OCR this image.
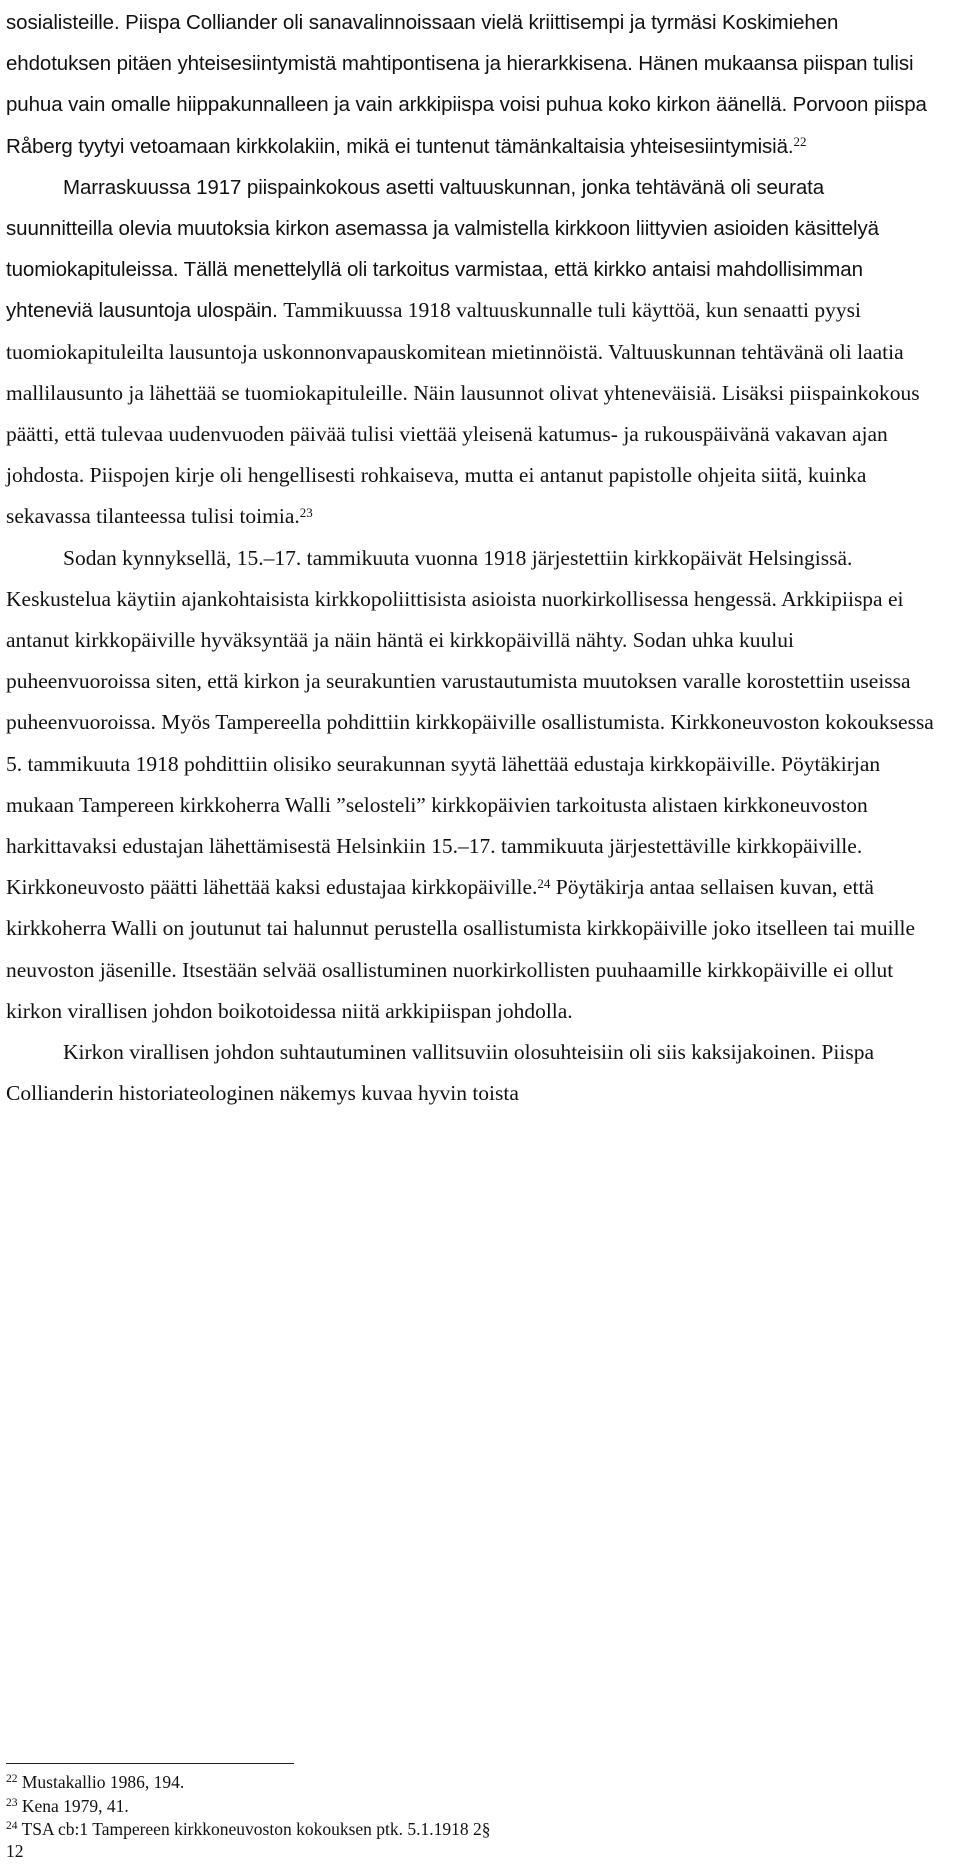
sosialisteille. Piispa Colliander oli sanavalinnoissaan vielä kriittisempi ja tyrmäsi Koskimiehen ehdotuksen pitäen yhteisesiintymistä mahtipontisena ja hierarkkisena. Hänen mukaansa piispan tulisi puhua vain omalle hiippakunnalleen ja vain arkkipiispa voisi puhua koko kirkon äänellä. Porvoon piispa Råberg tyytyi vetoamaan kirkkolakiin, mikä ei tuntenut tämänkaltaisia yhteisesiintymisiä.$^{22}$

Marraskuussa 1917 piispainkokous asetti valtuuskunnan, jonka tehtävänä oli seurata suunnitteilla olevia muutoksia kirkon asemassa ja valmistella kirkkoon liittyvien asioiden käsittelyä tuomiokapituleissa. Tällä menettelyllä oli tarkoitus varmistaa, että kirkko antaisi mahdollisimman yhteneviä lausuntoja ulospäin. Tammikuussa 1918 valtuuskunnalle tuli käyttöä, kun senaatti pyysi tuomiokapituleilta lausuntoja uskonnonvapauskomitean mietinnöistä. Valtuuskunnan tehtävänä oli laatia mallilausunto ja lähettää se tuomiokapituleille. Näin lausunnot olivat yhteneväisiä. Lisäksi piispainkokous päätti, että tulevaa uudenvuoden päivää tulisi viettää yleisenä katumus- ja rukouspäivänä vakavan ajan johdosta. Piispojen kirje oli hengellisesti rohkaiseva, mutta ei antanut papistolle ohjeita siitä, kuinka sekavassa tilanteessa tulisi toimia.$^{23}$

Sodan kynnyksellä, 15.–17. tammikuuta vuonna 1918 järjestettiin kirkkopäivät Helsingissä. Keskustelua käytiin ajankohtaisista kirkkopoliittisista asioista nuorkirkollisessa hengessä. Arkkipiispa ei antanut kirkkopäiville hyväksyntää ja näin häntä ei kirkkopäivillä nähty. Sodan uhka kuului puheenvuoroissa siten, että kirkon ja seurakuntien varustautumista muutoksen varalle korostettiin useissa puheenvuoroissa. Myös Tampereella pohdittiin kirkkopäiville osallistumista. Kirkkoneuvoston kokouksessa 5. tammikuuta 1918 pohdittiin olisiko seurakunnan syytä lähettää edustaja kirkkopäiville. Pöytäkirjan mukaan Tampereen kirkkoherra Walli ”selosteli” kirkkopäivien tarkoitusta alistaen kirkkoneuvoston harkittavaksi edustajan lähettämisestä Helsinkiin 15.–17. tammikuuta järjestettäville kirkkopäiville. Kirkkoneuvosto päätti lähettää kaksi edustajaa kirkkopäiville.$^{24}$ Pöytäkirja antaa sellaisen kuvan, että kirkkoherra Walli on joutunut tai halunnut perustella osallistumista kirkkopäiville joko itselleen tai muille neuvoston jäsenille. Itsestään selvää osallistuminen nuorkirkollisten puuhaamille kirkkopäiville ei ollut kirkon virallisen johdon boikotoidessa niitä arkkipiispan johdolla.

Kirkon virallisen johdon suhtautuminen vallitsuviin olosuhteisiin oli siis kaksijakoinen. Piispa Collianderin historiateologinen näkemys kuvaa hyvin toista

$^{22}$ Mustakallio 1986, 194.

$^{23}$ Kena 1979, 41.

$^{24}$ TSA cb:1 Tampereen kirkkoneuvoston kokouksen ptk. 5.1.1918 2§

12
